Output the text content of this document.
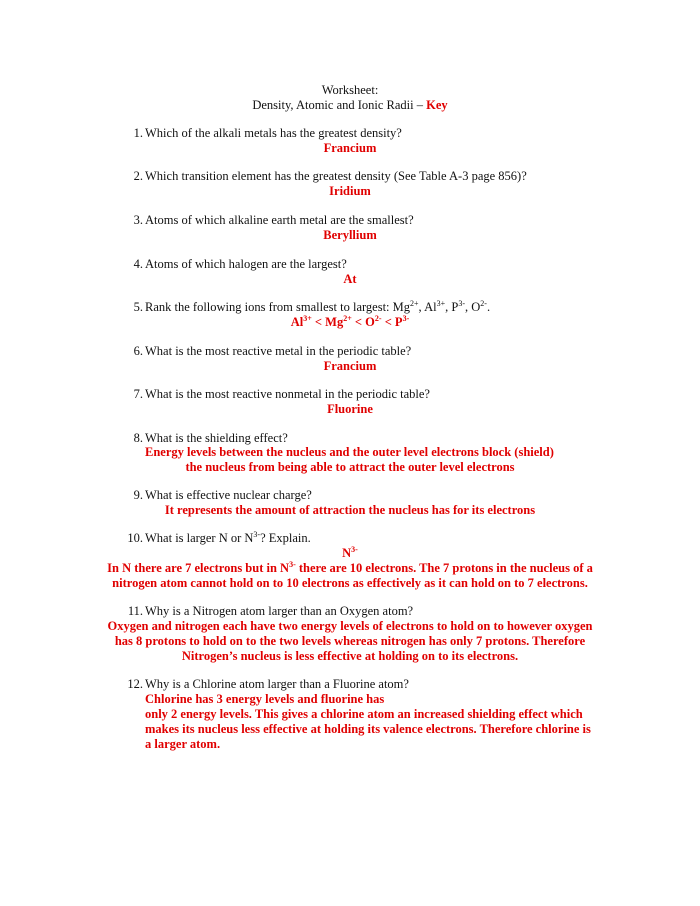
Worksheet:
Density, Atomic and Ionic Radii – Key
1. Which of the alkali metals has the greatest density?
Francium
2. Which transition element has the greatest density (See Table A-3 page 856)?
Iridium
3. Atoms of which alkaline earth metal are the smallest?
Beryllium
4. Atoms of which halogen are the largest?
At
5. Rank the following ions from smallest to largest: $Mg^{2+}$, $Al^{3+}$, $P^{3-}$, $O^{2-}$.
$Al^{3+} < Mg^{2+} < O^{2-} < P^{3-}$
6. What is the most reactive metal in the periodic table?
Francium
7. What is the most reactive nonmetal in the periodic table?
Fluorine
8. What is the shielding effect?
Energy levels between the nucleus and the outer level electrons block (shield)
the nucleus from being able to attract the outer level electrons
9. What is effective nuclear charge?
It represents the amount of attraction the nucleus has for its electrons
10. What is larger N or $N^{3-}$? Explain.
$N^{3-}$
In N there are 7 electrons but in $N^{3-}$ there are 10 electrons. The 7 protons in the nucleus of a
nitrogen atom cannot hold on to 10 electrons as effectively as it can hold on to 7 electrons.
11. Why is a Nitrogen atom larger than an Oxygen atom?
Oxygen and nitrogen each have two energy levels of electrons to hold on to however oxygen
has 8 protons to hold on to the two levels whereas nitrogen has only 7 protons. Therefore
Nitrogen’s nucleus is less effective at holding on to its electrons.
12. Why is a Chlorine atom larger than a Fluorine atom?
Chlorine has 3 energy levels and fluorine has
only 2 energy levels. This gives a chlorine atom an increased shielding effect which
makes its nucleus less effective at holding its valence electrons. Therefore chlorine is
a larger atom.
